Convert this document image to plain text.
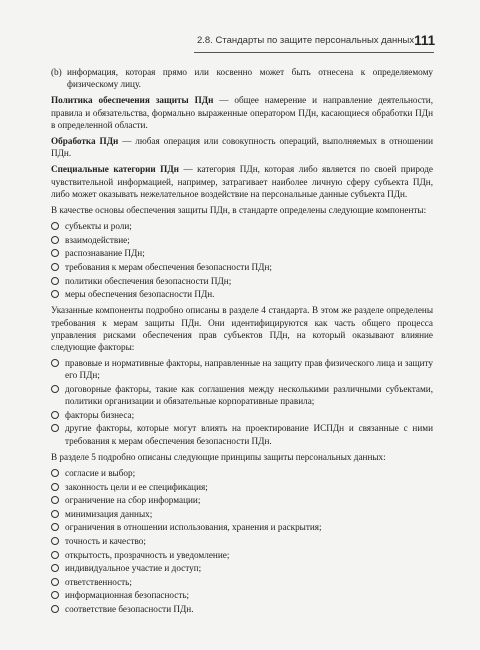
2.8. Стандарты по защите персональных данных 111
(b) информация, которая прямо или косвенно может быть отнесена к определяемому физическому лицу.

Политика обеспечения защиты ПДн — общее намерение и направление деятельности, правила и обязательства, формально выраженные оператором ПДн, касающиеся обработки ПДн в определенной области.

Обработка ПДн — любая операция или совокупность операций, выполняемых в отношении ПДн.

Специальные категории ПДн — категория ПДн, которая либо является по своей природе чувствительной информацией, например, затрагивает наиболее личную сферу субъекта ПДн, либо может оказывать нежелательное воздействие на персональные данные субъекта ПДн.

В качестве основы обеспечения защиты ПДн, в стандарте определены следующие компоненты:

субъекты и роли;
взаимодействие;
распознавание ПДн;
требования к мерам обеспечения безопасности ПДн;
политики обеспечения безопасности ПДн;
меры обеспечения безопасности ПДн.

Указанные компоненты подробно описаны в разделе 4 стандарта. В этом же разделе определены требования к мерам защиты ПДн. Они идентифицируются как часть общего процесса управления рисками обеспечения прав субъектов ПДн, на который оказывают влияние следующие факторы:

правовые и нормативные факторы, направленные на защиту прав физического лица и защиту его ПДн;
договорные факторы, такие как соглашения между несколькими различными субъектами, политики организации и обязательные корпоративные правила;
факторы бизнеса;
другие факторы, которые могут влиять на проектирование ИСПДн и связанные с ними требования к мерам обеспечения безопасности ПДн.

В разделе 5 подробно описаны следующие принципы защиты персональных данных:

согласие и выбор;
законность цели и ее спецификация;
ограничение на сбор информации;
минимизация данных;
ограничения в отношении использования, хранения и раскрытия;
точность и качество;
открытость, прозрачность и уведомление;
индивидуальное участие и доступ;
ответственность;
информационная безопасность;
соответствие безопасности ПДн.
